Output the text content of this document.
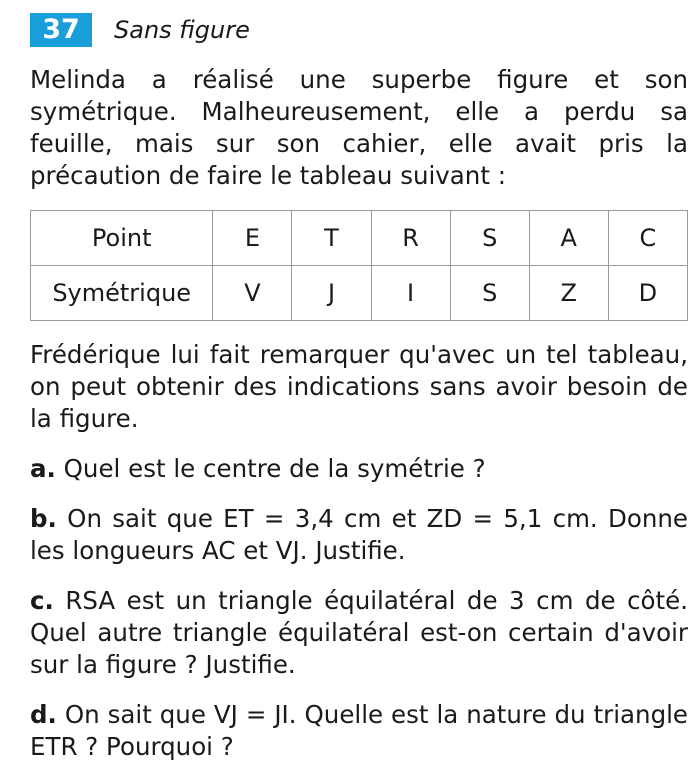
37	Sans figure

Melinda a réalisé une superbe figure et son symétrique. Malheureusement, elle a perdu sa feuille, mais sur son cahier, elle avait pris la précaution de faire le tableau suivant :

Point	E	T	R	S	A	C
Symétrique	V	J	I	S	Z	D

Frédérique lui fait remarquer qu'avec un tel tableau, on peut obtenir des indications sans avoir besoin de la figure.

a. Quel est le centre de la symétrie ?

b. On sait que ET = 3,4 cm et ZD = 5,1 cm. Donne les longueurs AC et VJ. Justifie.

c. RSA est un triangle équilatéral de 3 cm de côté. Quel autre triangle équilatéral est-on certain d'avoir sur la figure ? Justifie.

d. On sait que VJ = JI. Quelle est la nature du triangle ETR ? Pourquoi ?
